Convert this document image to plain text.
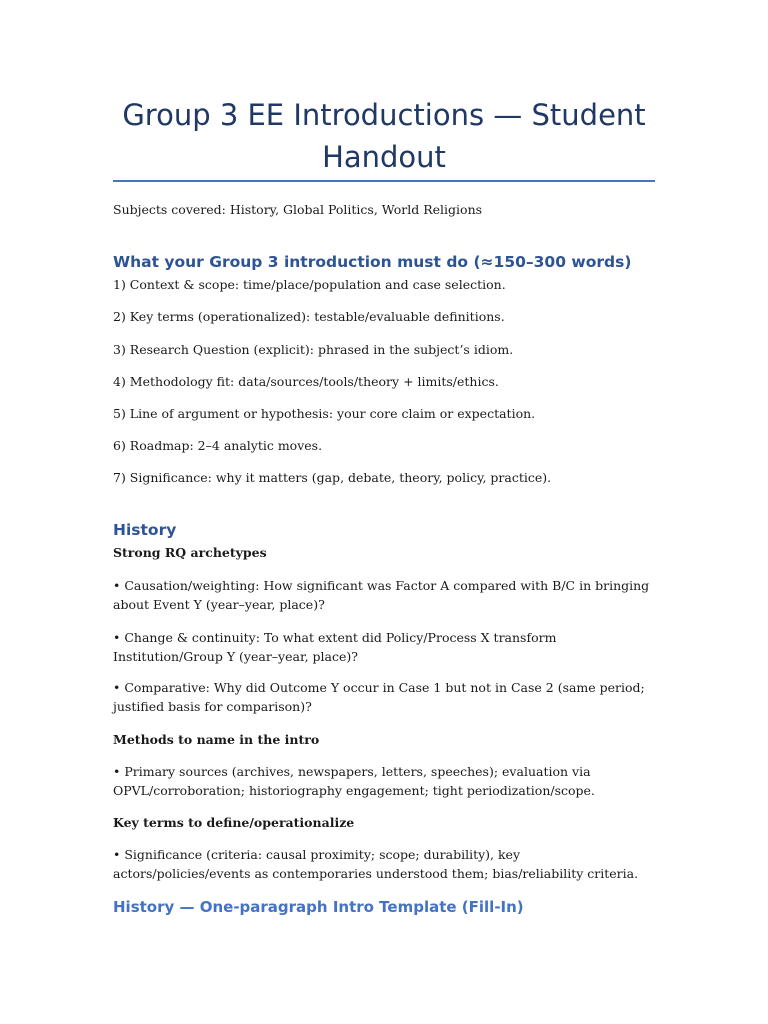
Group 3 EE Introductions — Student Handout
Subjects covered: History, Global Politics, World Religions
What your Group 3 introduction must do (≈150–300 words)
1) Context & scope: time/place/population and case selection.
2) Key terms (operationalized): testable/evaluable definitions.
3) Research Question (explicit): phrased in the subject’s idiom.
4) Methodology fit: data/sources/tools/theory + limits/ethics.
5) Line of argument or hypothesis: your core claim or expectation.
6) Roadmap: 2–4 analytic moves.
7) Significance: why it matters (gap, debate, theory, policy, practice).
History
Strong RQ archetypes
• Causation/weighting: How significant was Factor A compared with B/C in bringing about Event Y (year–year, place)?
• Change & continuity: To what extent did Policy/Process X transform Institution/Group Y (year–year, place)?
• Comparative: Why did Outcome Y occur in Case 1 but not in Case 2 (same period; justified basis for comparison)?
Methods to name in the intro
• Primary sources (archives, newspapers, letters, speeches); evaluation via OPVL/corroboration; historiography engagement; tight periodization/scope.
Key terms to define/operationalize
• Significance (criteria: causal proximity; scope; durability), key actors/policies/events as contemporaries understood them; bias/reliability criteria.
History — One-paragraph Intro Template (Fill-In)
